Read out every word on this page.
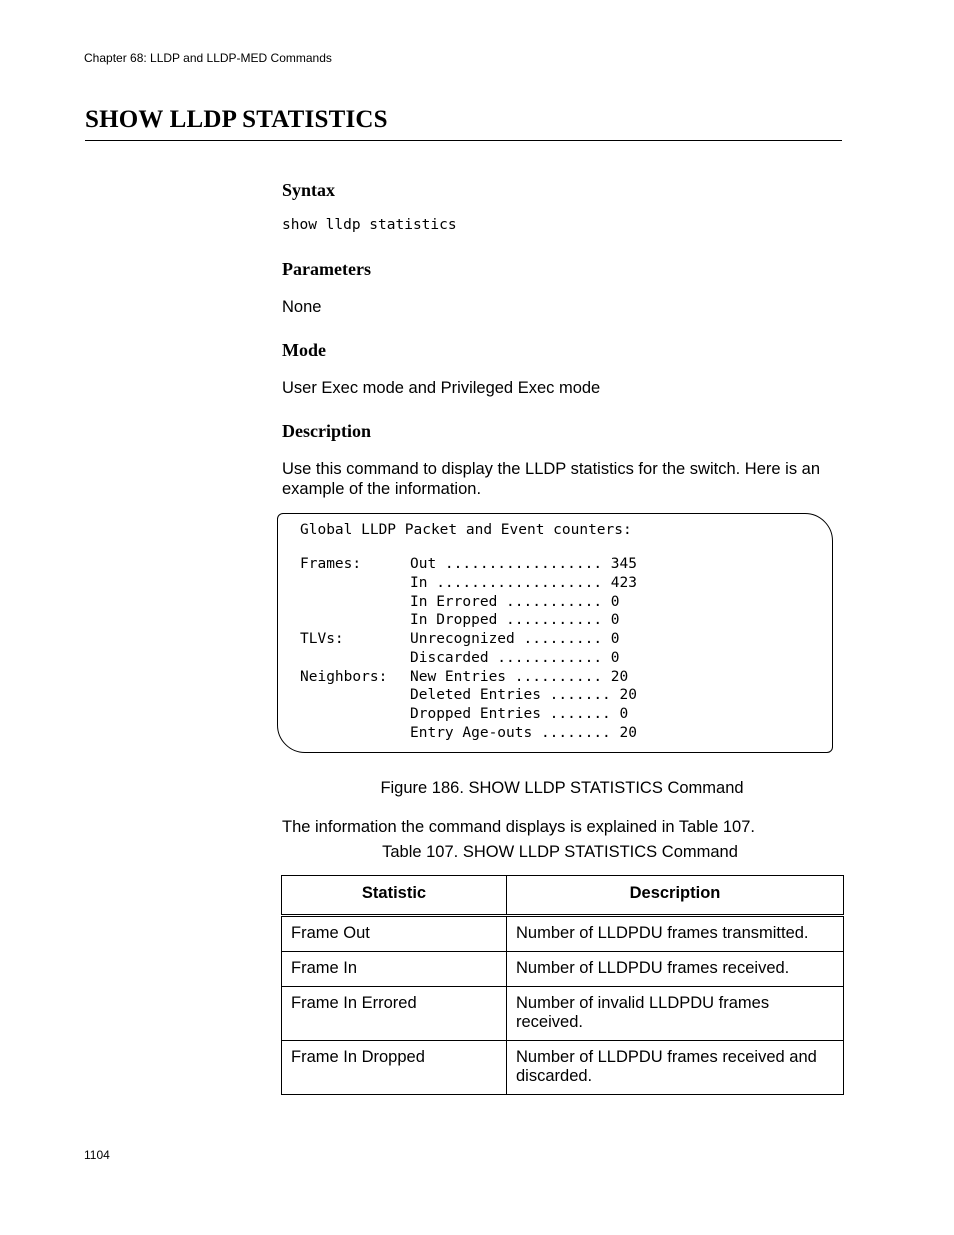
Chapter 68: LLDP and LLDP-MED Commands
SHOW LLDP STATISTICS
Syntax
show lldp statistics
Parameters

None

Mode

User Exec mode and Privileged Exec mode

Description

Use this command to display the LLDP statistics for the switch. Here is an

example of the information.

Global LLDP Packet and Event counters:
Frames:	Out .................. 345
In ................... 423
In Errored ........... 0
In Dropped ........... 0
TLVs:	Unrecognized ......... 0
Discarded ............ 0
Neighbors: New Entries .......... 20
Deleted Entries ....... 20
Dropped Entries ....... 0
Entry Age-outs ........ 20
Figure 186. SHOW LLDP STATISTICS Command

The information the command displays is explained in Table 107.

Table 107. SHOW LLDP STATISTICS Command
Statistic	Description
Frame Out	Number of LLDPDU frames transmitted.
Frame In	Number of LLDPDU frames received.
Frame In Errored	Number of invalid LLDPDU frames received.
Frame In Dropped	Number of LLDPDU frames received and discarded.
1104
